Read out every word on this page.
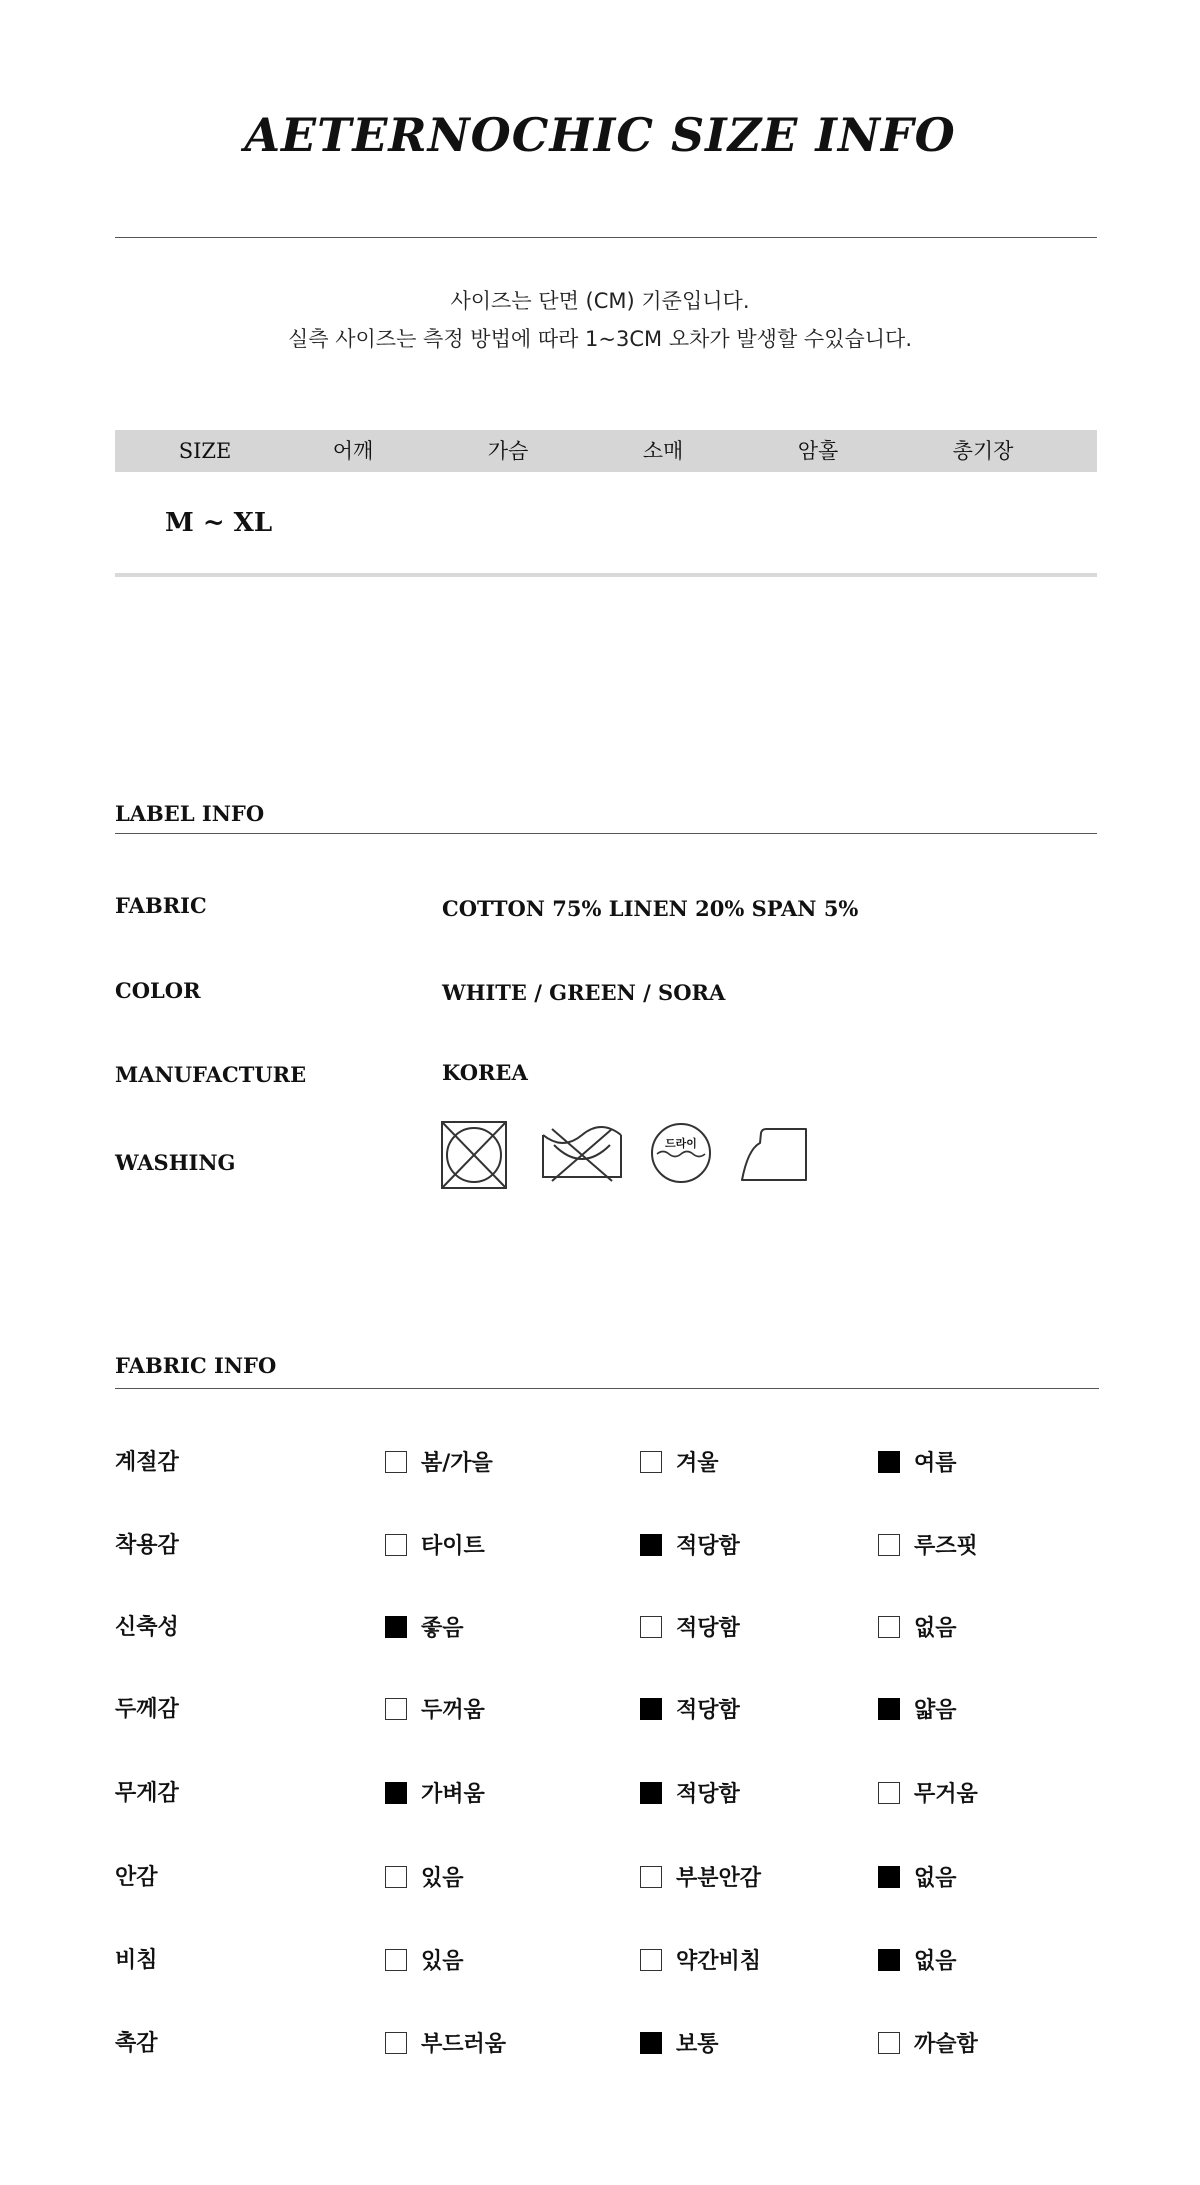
AETERNOCHIC SIZE INFO
사이즈는 단면 (CM) 기준입니다.
실측 사이즈는 측정 방법에 따라 1~3CM 오차가 발생할 수있습니다.
SIZE	어깨	가슴	소매	암홀	총기장
M ~ XL
LABEL INFO
FABRIC	COTTON 75% LINEN 20% SPAN 5%
COLOR	WHITE / GREEN / SORA
MANUFACTURE	KOREA
WASHING
드라이
FABRIC INFO
계절감	봄/가을	겨울	여름
착용감	타이트	적당함	루즈핏
신축성	좋음	적당함	없음
두께감	두꺼움	적당함	얇음
무게감	가벼움	적당함	무거움
안감	있음	부분안감	없음
비침	있음	약간비침	없음
촉감	부드러움	보통	까슬함
